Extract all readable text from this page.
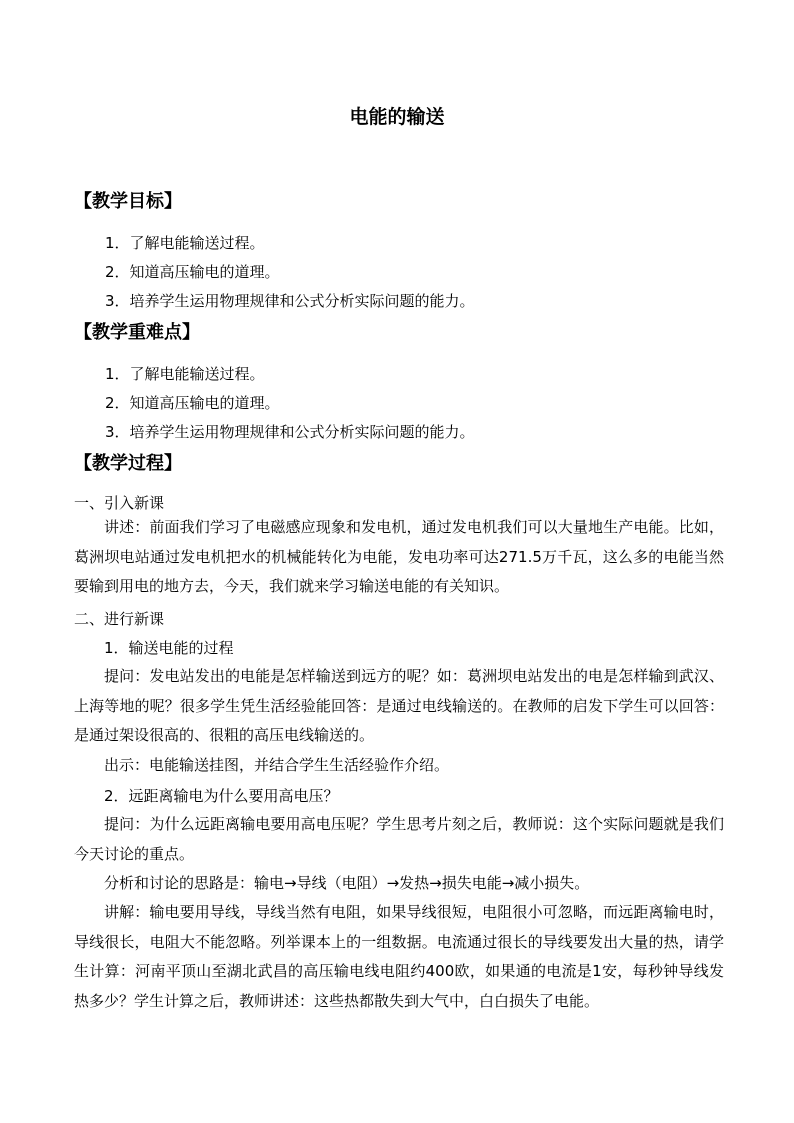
电能的输送
【教学目标】
1．了解电能输送过程。
2．知道高压输电的道理。
3．培养学生运用物理规律和公式分析实际问题的能力。
【教学重难点】
1．了解电能输送过程。
2．知道高压输电的道理。
3．培养学生运用物理规律和公式分析实际问题的能力。
【教学过程】
一、引入新课
讲述：前面我们学习了电磁感应现象和发电机，通过发电机我们可以大量地生产电能。比如，葛洲坝电站通过发电机把水的机械能转化为电能，发电功率可达271.5万千瓦，这么多的电能当然要输到用电的地方去，今天，我们就来学习输送电能的有关知识。
二、进行新课
1．输送电能的过程
提问：发电站发出的电能是怎样输送到远方的呢？如：葛洲坝电站发出的电是怎样输到武汉、上海等地的呢？很多学生凭生活经验能回答：是通过电线输送的。在教师的启发下学生可以回答：是通过架设很高的、很粗的高压电线输送的。
出示：电能输送挂图，并结合学生生活经验作介绍。
2．远距离输电为什么要用高电压？
提问：为什么远距离输电要用高电压呢？学生思考片刻之后，教师说：这个实际问题就是我们今天讨论的重点。
分析和讨论的思路是：输电→导线（电阻）→发热→损失电能→减小损失。
讲解：输电要用导线，导线当然有电阻，如果导线很短，电阻很小可忽略，而远距离输电时，导线很长，电阻大不能忽略。列举课本上的一组数据。电流通过很长的导线要发出大量的热，请学生计算：河南平顶山至湖北武昌的高压输电线电阻约400欧，如果通的电流是1安，每秒钟导线发热多少？学生计算之后，教师讲述：这些热都散失到大气中，白白损失了电能。
